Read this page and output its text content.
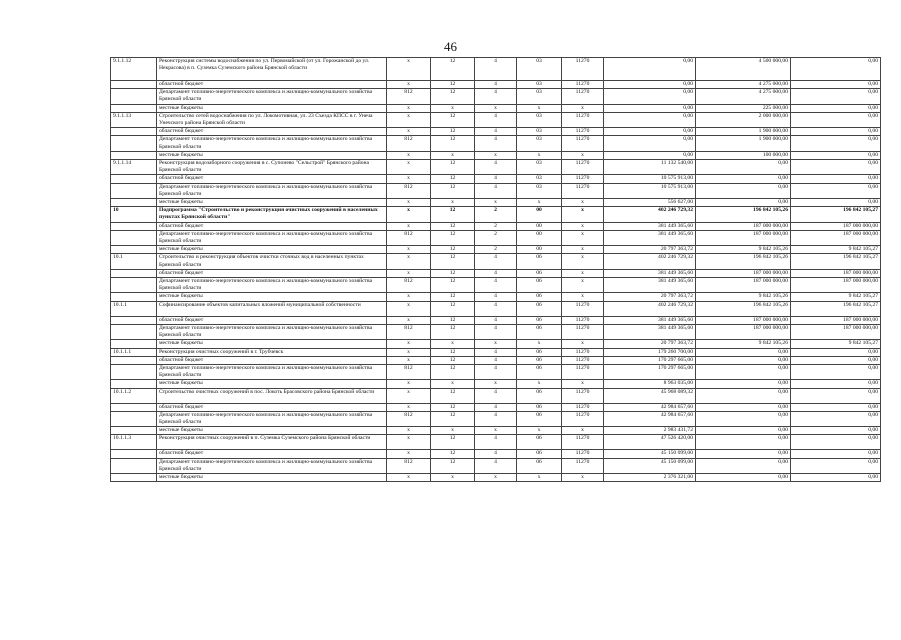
46
9.1.1.12	Реконструкция системы водоснабжения по ул. Первомайской (от ул. Горожанской до ул. Некрасова) в п. Суземка Суземского района Брянской области	x	12	4	03	11270	0,00	4 500 000,00	0,00
	областной бюджет	x	12	4	03	11270	0,00	4 275 000,00	0,00
	Департамент топливно-энергетического комплекса и жилищно-коммунального хозяйства Брянской области	812	12	4	03	11270	0,00	4 275 000,00	0,00
	местные бюджеты	x	x	x	x	x	0,00	225 000,00	0,00
9.1.1.13	Строительство сетей водоснабжения по ул. Локомотивная, ул. 23 Съезда КПСС в г. Унеча Унечского района Брянской области	x	12	4	03	11270	0,00	2 000 000,00	0,00
	областной бюджет	x	12	4	03	11270	0,00	1 900 000,00	0,00
	Департамент топливно-энергетического комплекса и жилищно-коммунального хозяйства Брянской области	812	12	4	03	11270	0,00	1 900 000,00	0,00
	местные бюджеты	x	x	x	x	x	0,00	100 000,00	0,00
9.1.1.14	Реконструкция водозаборного сооружения в с. Супонево "Сельстрой" Брянского района Брянской области	x	12	4	03	11270	11 132 540,00	0,00	0,00
	областной бюджет	x	12	4	03	11270	10 575 913,00	0,00	0,00
	Департамент топливно-энергетического комплекса и жилищно-коммунального хозяйства Брянской области	812	12	4	03	11270	10 575 913,00	0,00	0,00
	местные бюджеты	x	x	x	x	x	556 627,00	0,00	0,00
10	Подпрограмма "Строительство и реконструкция очистных сооружений в населенных пунктах Брянской области"	x	12	2	00	x	402 246 729,32	196 842 105,26	196 842 105,27
	областной бюджет	x	12	2	00	x	381 449 365,60	187 000 000,00	187 000 000,00
	Департамент топливно-энергетического комплекса и жилищно-коммунального хозяйства Брянской области	812	12	2	00	x	381 449 365,60	187 000 000,00	187 000 000,00
	местные бюджеты	x	12	2	00	x	20 797 363,72	9 842 105,26	9 842 105,27
10.1	Строительство и реконструкция объектов очистки сточных вод в населенных пунктах Брянской области	x	12	4	06	x	402 246 729,32	196 842 105,26	196 842 105,27
	областной бюджет	x	12	4	06	x	381 449 365,60	187 000 000,00	187 000 000,00
	Департамент топливно-энергетического комплекса и жилищно-коммунального хозяйства Брянской области	812	12	4	06	x	381 449 365,60	187 000 000,00	187 000 000,00
	местные бюджеты	x	12	4	06	x	20 797 363,72	9 842 105,26	9 842 105,27
10.1.1	Софинансирование объектов капитальных вложений муниципальной собственности	x	12	4	06	11270	402 246 729,32	196 842 105,26	196 842 105,27
	областной бюджет	x	12	4	06	11270	381 449 365,60	187 000 000,00	187 000 000,00
	Департамент топливно-энергетического комплекса и жилищно-коммунального хозяйства Брянской области	812	12	4	06	11270	381 449 365,60	187 000 000,00	187 000 000,00
	местные бюджеты	x	x	x	x	x	20 797 363,72	9 842 105,26	9 842 105,27
10.1.1.1	Реконструкция очистных сооружений в г. Трубчевск	x	12	4	06	11270	179 260 700,00	0,00	0,00
	областной бюджет	x	12	4	06	11270	170 297 665,00	0,00	0,00
	Департамент топливно-энергетического комплекса и жилищно-коммунального хозяйства Брянской области	812	12	4	06	11270	170 297 665,00	0,00	0,00
	местные бюджеты	x	x	x	x	x	8 963 035,00	0,00	0,00
10.1.1.2	Строительство очистных сооружений в пос. Локоть Брасовского района Брянской области	x	12	4	06	11270	45 968 089,32	0,00	0,00
	областной бюджет	x	12	4	06	11270	42 984 657,60	0,00	0,00
	Департамент топливно-энергетического комплекса и жилищно-коммунального хозяйства Брянской области	812	12	4	06	11270	42 984 657,60	0,00	0,00
	местные бюджеты	x	x	x	x	x	2 983 431,72	0,00	0,00
10.1.1.3	Реконструкция очистных сооружений в п. Суземка Суземского района Брянской области	x	12	4	06	11270	47 526 420,00	0,00	0,00
	областной бюджет	x	12	4	06	11270	45 150 099,00	0,00	0,00
	Департамент топливно-энергетического комплекса и жилищно-коммунального хозяйства Брянской области	812	12	4	06	11270	45 150 099,00	0,00	0,00
	местные бюджеты	x	x	x	x	x	2 376 321,00	0,00	0,00
